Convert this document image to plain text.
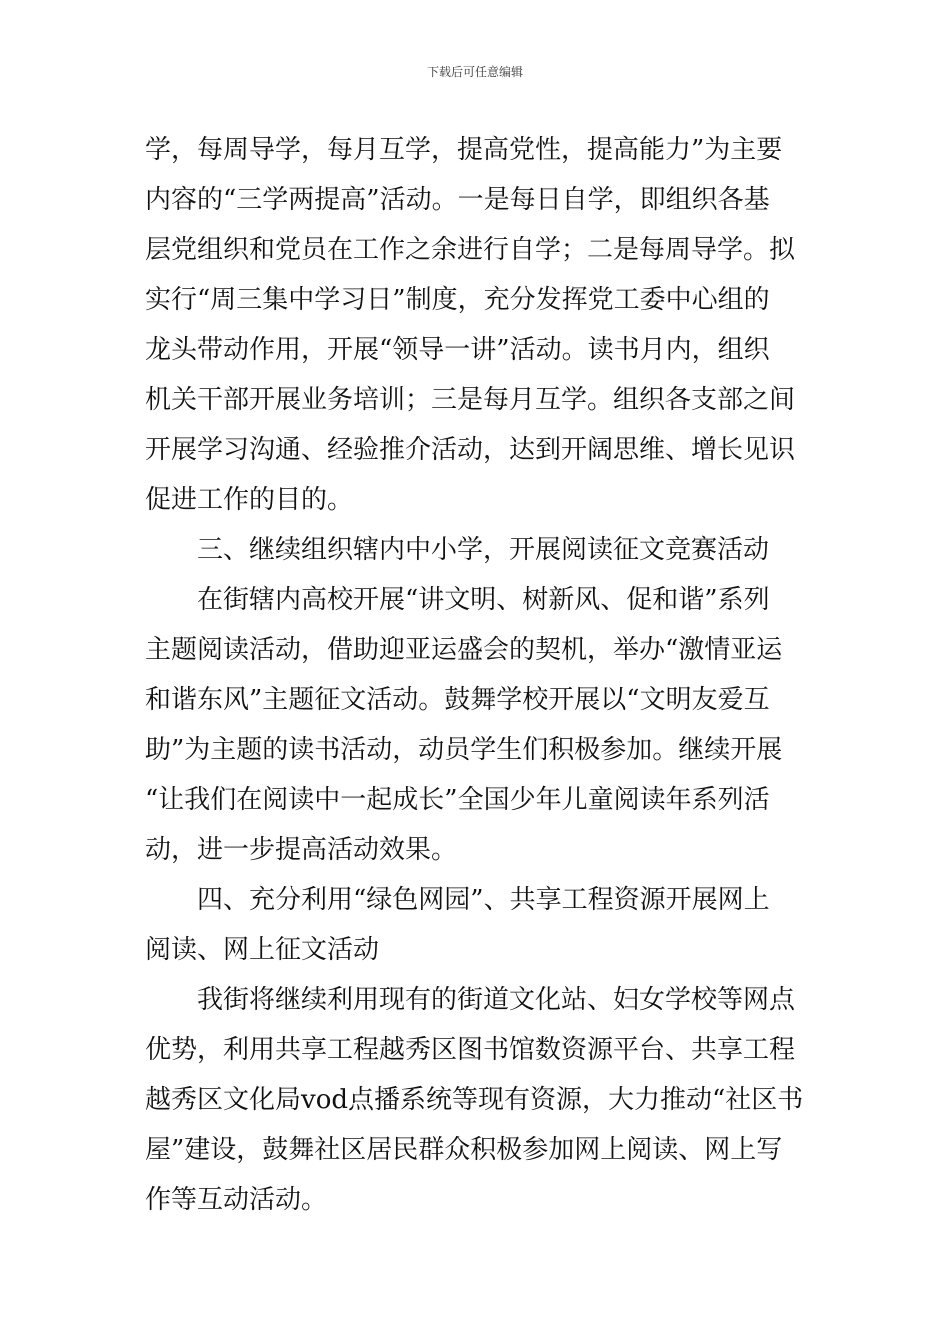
下载后可任意编辑
学，每周导学，每月互学，提高党性，提高能力”为主要
内容的“三学两提高”活动。一是每日自学，即组织各基
层党组织和党员在工作之余进行自学；二是每周导学。拟
实行“周三集中学习日”制度，充分发挥党工委中心组的
龙头带动作用，开展“领导一讲”活动。读书月内，组织
机关干部开展业务培训；三是每月互学。组织各支部之间
开展学习沟通、经验推介活动，达到开阔思维、增长见识
促进工作的目的。
三、继续组织辖内中小学，开展阅读征文竞赛活动
在街辖内高校开展“讲文明、树新风、促和谐”系列
主题阅读活动，借助迎亚运盛会的契机，举办“激情亚运
和谐东风”主题征文活动。鼓舞学校开展以“文明友爱互
助”为主题的读书活动，动员学生们积极参加。继续开展
“让我们在阅读中一起成长”全国少年儿童阅读年系列活
动，进一步提高活动效果。
四、充分利用“绿色网园”、共享工程资源开展网上
阅读、网上征文活动
我街将继续利用现有的街道文化站、妇女学校等网点
优势，利用共享工程越秀区图书馆数资源平台、共享工程
越秀区文化局vod点播系统等现有资源，大力推动“社区书
屋”建设，鼓舞社区居民群众积极参加网上阅读、网上写
作等互动活动。
